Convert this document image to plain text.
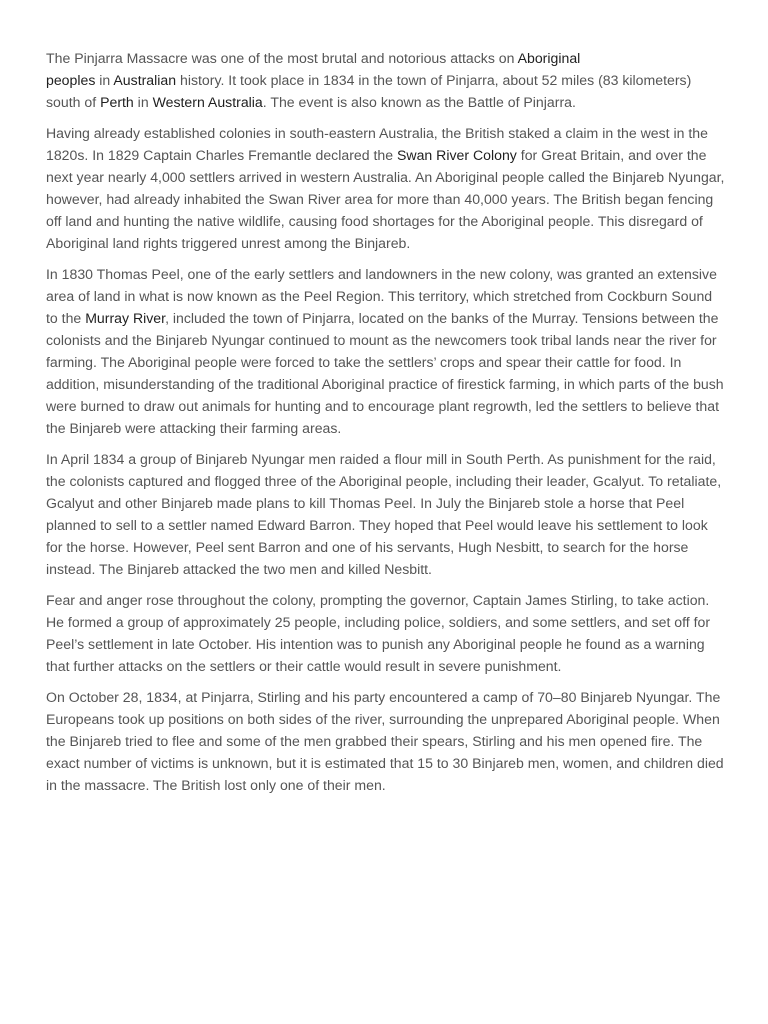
The Pinjarra Massacre was one of the most brutal and notorious attacks on Aboriginal
peoples in Australian history. It took place in 1834 in the town of Pinjarra, about 52 miles (83 kilometers) south of Perth in Western Australia. The event is also known as the Battle of Pinjarra.

Having already established colonies in south-eastern Australia, the British staked a claim in the west in the 1820s. In 1829 Captain Charles Fremantle declared the Swan River Colony for Great Britain, and over the next year nearly 4,000 settlers arrived in western Australia. An Aboriginal people called the Binjareb Nyungar, however, had already inhabited the Swan River area for more than 40,000 years. The British began fencing off land and hunting the native wildlife, causing food shortages for the Aboriginal people. This disregard of Aboriginal land rights triggered unrest among the Binjareb.

In 1830 Thomas Peel, one of the early settlers and landowners in the new colony, was granted an extensive area of land in what is now known as the Peel Region. This territory, which stretched from Cockburn Sound to the Murray River, included the town of Pinjarra, located on the banks of the Murray. Tensions between the colonists and the Binjareb Nyungar continued to mount as the newcomers took tribal lands near the river for farming. The Aboriginal people were forced to take the settlers’ crops and spear their cattle for food. In addition, misunderstanding of the traditional Aboriginal practice of firestick farming, in which parts of the bush were burned to draw out animals for hunting and to encourage plant regrowth, led the settlers to believe that the Binjareb were attacking their farming areas.

In April 1834 a group of Binjareb Nyungar men raided a flour mill in South Perth. As punishment for the raid, the colonists captured and flogged three of the Aboriginal people, including their leader, Gcalyut. To retaliate, Gcalyut and other Binjareb made plans to kill Thomas Peel. In July the Binjareb stole a horse that Peel planned to sell to a settler named Edward Barron. They hoped that Peel would leave his settlement to look for the horse. However, Peel sent Barron and one of his servants, Hugh Nesbitt, to search for the horse instead. The Binjareb attacked the two men and killed Nesbitt.

Fear and anger rose throughout the colony, prompting the governor, Captain James Stirling, to take action. He formed a group of approximately 25 people, including police, soldiers, and some settlers, and set off for Peel’s settlement in late October. His intention was to punish any Aboriginal people he found as a warning that further attacks on the settlers or their cattle would result in severe punishment.

On October 28, 1834, at Pinjarra, Stirling and his party encountered a camp of 70–80 Binjareb Nyungar. The Europeans took up positions on both sides of the river, surrounding the unprepared Aboriginal people. When the Binjareb tried to flee and some of the men grabbed their spears, Stirling and his men opened fire. The exact number of victims is unknown, but it is estimated that 15 to 30 Binjareb men, women, and children died in the massacre. The British lost only one of their men.
